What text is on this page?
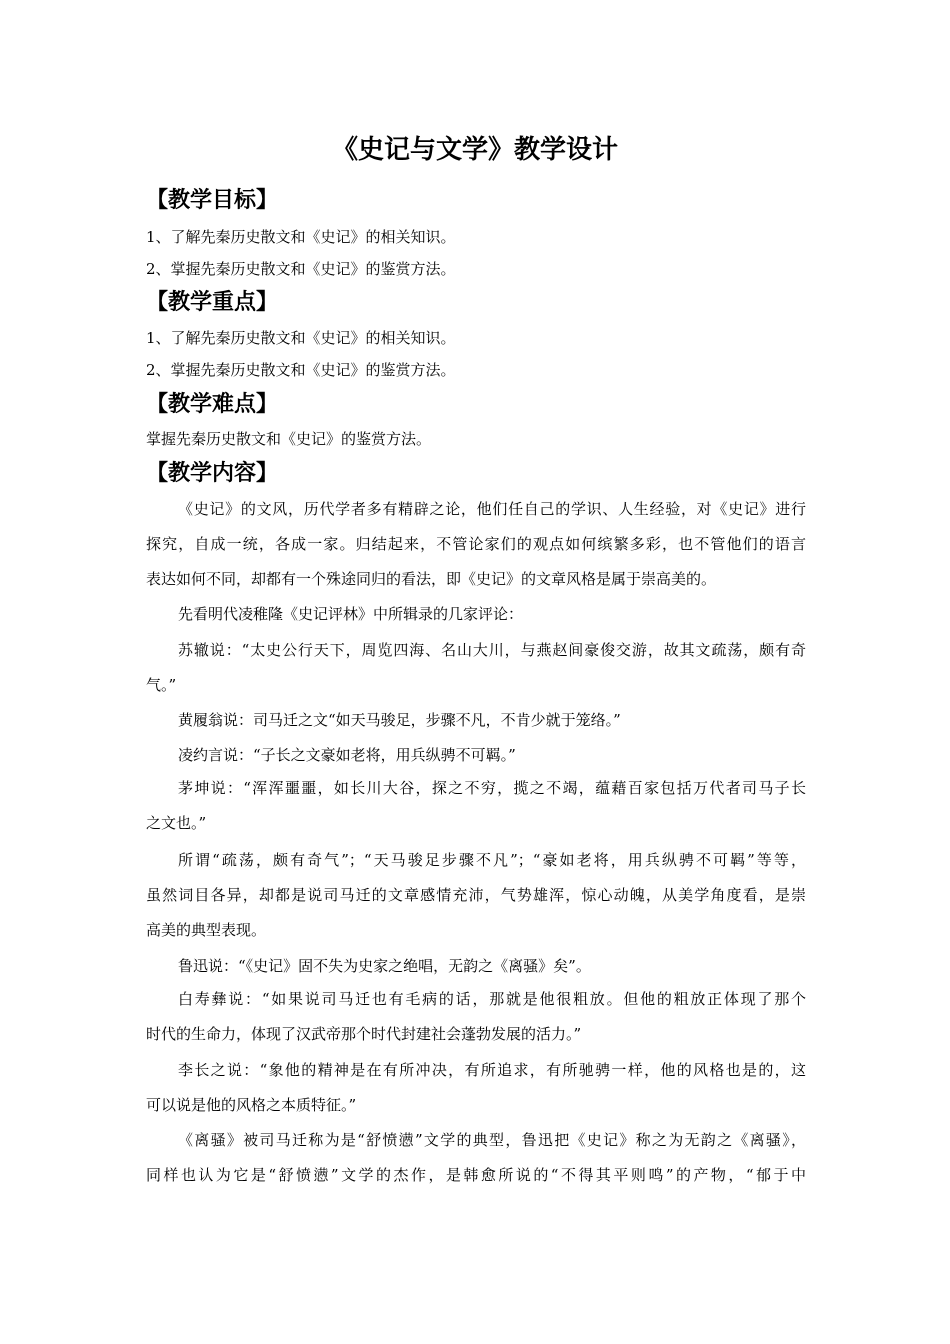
《史记与文学》教学设计
【教学目标】
1、了解先秦历史散文和《史记》的相关知识。
2、掌握先秦历史散文和《史记》的鉴赏方法。
【教学重点】
1、了解先秦历史散文和《史记》的相关知识。
2、掌握先秦历史散文和《史记》的鉴赏方法。
【教学难点】
掌握先秦历史散文和《史记》的鉴赏方法。
【教学内容】
《史记》的文风，历代学者多有精辟之论，他们任自己的学识、人生经验，对《史记》进行
探究，自成一统，各成一家。归结起来，不管论家们的观点如何缤繁多彩，也不管他们的语言
表达如何不同，却都有一个殊途同归的看法，即《史记》的文章风格是属于崇高美的。
先看明代凌稚隆《史记评林》中所辑录的几家评论：
苏辙说：“太史公行天下，周览四海、名山大川，与燕赵间豪俊交游，故其文疏荡，颇有奇
气。”
黄履翁说：司马迁之文“如天马骏足，步骤不凡，不肯少就于笼络。”
凌约言说：“子长之文豪如老将，用兵纵骋不可羁。”
茅坤说：“浑浑噩噩，如长川大谷，探之不穷，揽之不竭，蕴藉百家包括万代者司马子长
之文也。”
所谓“疏荡，颇有奇气”；“天马骏足步骤不凡”；“豪如老将，用兵纵骋不可羁”等等，
虽然词目各异，却都是说司马迁的文章感情充沛，气势雄浑，惊心动魄，从美学角度看，是崇
高美的典型表现。
鲁迅说：“《史记》固不失为史家之绝唱，无韵之《离骚》矣”。
白寿彝说：“如果说司马迁也有毛病的话，那就是他很粗放。但他的粗放正体现了那个
时代的生命力，体现了汉武帝那个时代封建社会蓬勃发展的活力。”
李长之说：“象他的精神是在有所冲决，有所追求，有所驰骋一样，他的风格也是的，这
可以说是他的风格之本质特征。”
《离骚》被司马迁称为是“舒愤懑”文学的典型，鲁迅把《史记》称之为无韵之《离骚》，
同样也认为它是“舒愤懑”文学的杰作，是韩愈所说的“不得其平则鸣”的产物，“郁于中
